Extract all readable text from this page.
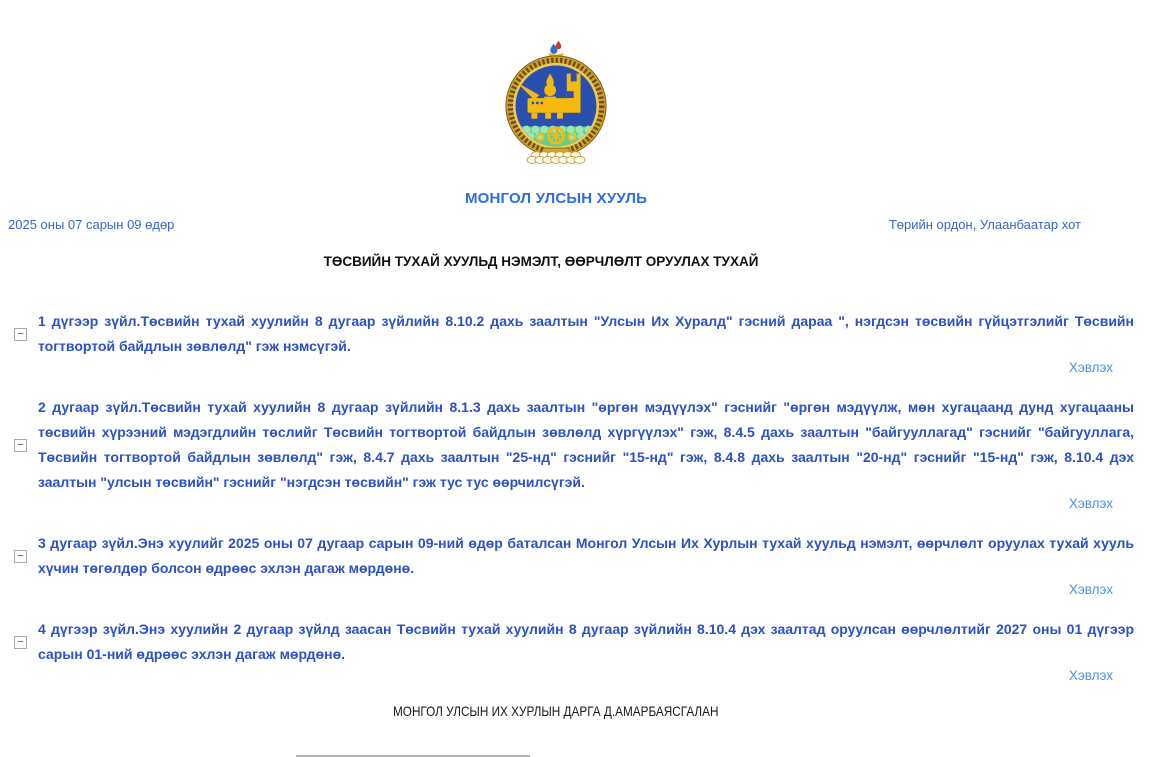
МОНГОЛ УЛСЫН ХУУЛЬ
2025 оны 07 сарын 09 өдөр	Төрийн ордон, Улаанбаатар хот
ТӨСВИЙН ТУХАЙ ХУУЛЬД НЭМЭЛТ, ӨӨРЧЛӨЛТ ОРУУЛАХ ТУХАЙ
−

1 дүгээр зүйл.Төсвийн тухай хуулийн 8 дугаар зүйлийн 8.10.2 дахь заалтын "Улсын Их Хуралд" гэсний дараа ", нэгдсэн төсвийн гүйцэтгэлийг Төсвийн тогтвортой байдлын зөвлөлд" гэж нэмсүгэй.

Хэвлэх
−

2 дугаар зүйл.Төсвийн тухай хуулийн 8 дугаар зүйлийн 8.1.3 дахь заалтын "өргөн мэдүүлэх" гэснийг "өргөн мэдүүлж, мөн хугацаанд дунд хугацааны төсвийн хүрээний мэдэгдлийн төслийг Төсвийн тогтвортой байдлын зөвлөлд хүргүүлэх" гэж, 8.4.5 дахь заалтын "байгууллагад" гэснийг "байгууллага, Төсвийн тогтвортой байдлын зөвлөлд" гэж, 8.4.7 дахь заалтын "25-нд" гэснийг "15-нд" гэж, 8.4.8 дахь заалтын "20-нд" гэснийг "15-нд" гэж, 8.10.4 дэх заалтын "улсын төсвийн" гэснийг "нэгдсэн төсвийн" гэж тус тус өөрчилсүгэй.

Хэвлэх
−

3 дугаар зүйл.Энэ хуулийг 2025 оны 07 дугаар сарын 09-ний өдөр баталсан Монгол Улсын Их Хурлын тухай хуульд нэмэлт, өөрчлөлт оруулах тухай хууль хүчин төгөлдөр болсон өдрөөс эхлэн дагаж мөрдөнө.

Хэвлэх
−

4 дүгээр зүйл.Энэ хуулийн 2 дугаар зүйлд заасан Төсвийн тухай хуулийн 8 дугаар зүйлийн 8.10.4 дэх заалтад оруулсан өөрчлөлтийг 2027 оны 01 дүгээр сарын 01-ний өдрөөс эхлэн дагаж мөрдөнө.

Хэвлэх
МОНГОЛ УЛСЫН ИХ ХУРЛЫН ДАРГА Д.АМАРБАЯСГАЛАН
